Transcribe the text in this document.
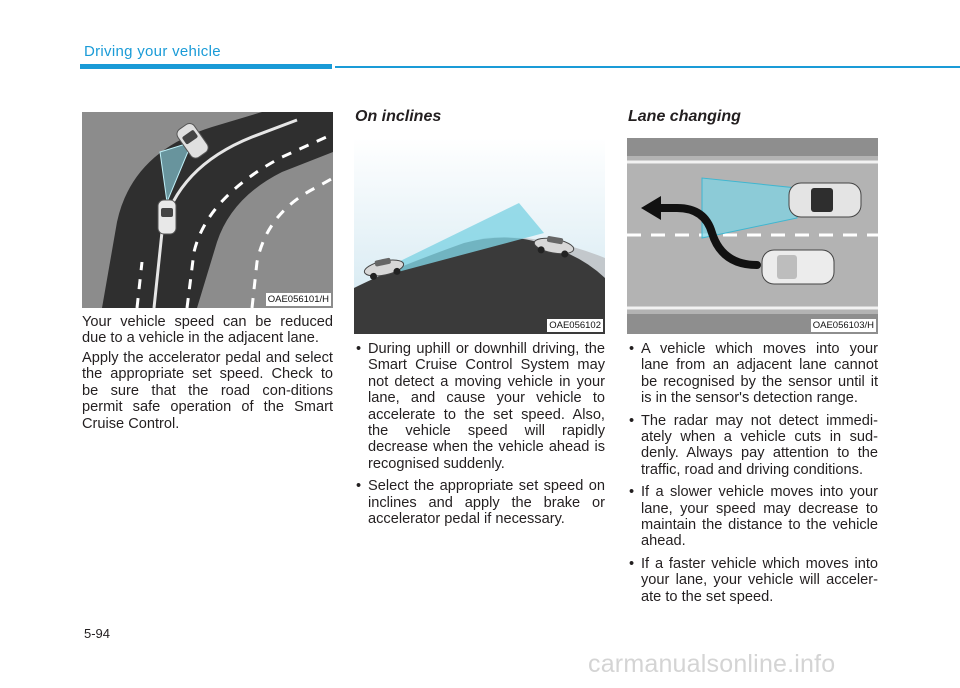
Driving your vehicle
OAE056101/H

Your vehicle speed can be reduced due to a vehicle in the adjacent lane.

Apply the accelerator pedal and select the appropriate set speed. Check to be sure that the road con-ditions permit safe operation of the Smart Cruise Control.

On inclines
OAE056102
• During uphill or downhill driving, the Smart Cruise Control System may not detect a moving vehicle in your lane, and cause your vehicle to accelerate to the set speed. Also, the vehicle speed will rapidly decrease when the vehicle ahead is recognised suddenly.
• Select the appropriate set speed on inclines and apply the brake or accelerator pedal if necessary.
Lane changing
OAE056103/H
• A vehicle which moves into your lane from an adjacent lane cannot be recognised by the sensor until it is in the sensor's detection range.
• The radar may not detect immedi-ately when a vehicle cuts in sud-denly. Always pay attention to the traffic, road and driving conditions.
• If a slower vehicle moves into your lane, your speed may decrease to maintain the distance to the vehicle ahead.
• If a faster vehicle which moves into your lane, your vehicle will acceler-ate to the set speed.
5-94
carmanualsonline.info
